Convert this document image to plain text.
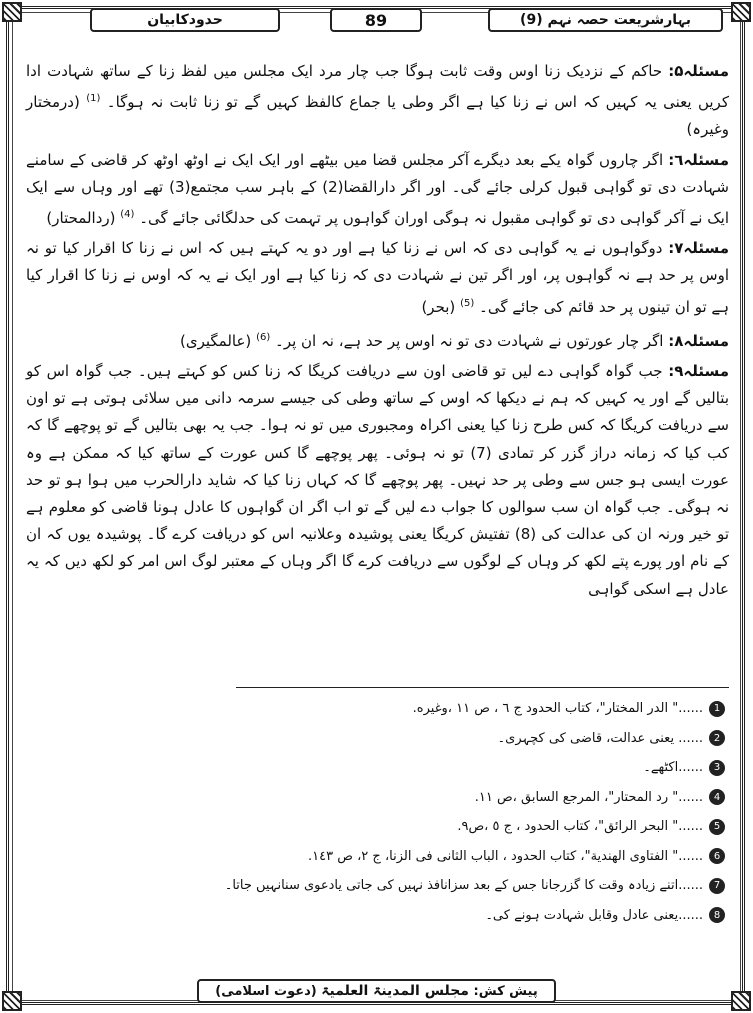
بہارشریعت حصہ نہم (9)
89
حدودکابیان

مسئلہ۵: حاکم کے نزدیک زنا اوس وقت ثابت ہوگا جب چار مرد ایک مجلس میں لفظ زنا کے ساتھ شہادت ادا کریں یعنی یہ کہیں کہ اس نے زنا کیا ہے اگر وطی یا جماع کالفظ کہیں گے تو زنا ثابت نہ ہوگا۔ $^{(1)}$ (درمختار وغیرہ)

مسئلہ٦: اگر چاروں گواہ یکے بعد دیگرے آکر مجلس قضا میں بیٹھے اور ایک ایک نے اوٹھ اوٹھ کر قاضی کے سامنے شہادت دی تو گواہی قبول کرلی جائے گی۔ اور اگر دارالقضا(2) کے باہر سب مجتمع(3) تھے اور وہاں سے ایک ایک نے آکر گواہی دی تو گواہی مقبول نہ ہوگی اوران گواہوں پر تہمت کی حدلگائی جائے گی۔ $^{(4)}$ (ردالمحتار)

مسئلہ٧: دوگواہوں نے یہ گواہی دی کہ اس نے زنا کیا ہے اور دو یہ کہتے ہیں کہ اس نے زنا کا اقرار کیا تو نہ اوس پر حد ہے نہ گواہوں پر، اور اگر تین نے شہادت دی کہ زنا کیا ہے اور ایک نے یہ کہ اوس نے زنا کا اقرار کیا ہے تو ان تینوں پر حد قائم کی جائے گی۔ $^{(5)}$ (بحر)

مسئلہ٨: اگر چار عورتوں نے شہادت دی تو نہ اوس پر حد ہے، نہ ان پر۔ $^{(6)}$ (عالمگیری)

مسئلہ٩: جب گواہ گواہی دے لیں تو قاضی اون سے دریافت کریگا کہ زنا کس کو کہتے ہیں۔ جب گواہ اس کو بتالیں گے اور یہ کہیں کہ ہم نے دیکھا کہ اوس کے ساتھ وطی کی جیسے سرمہ دانی میں سلائی ہوتی ہے تو اون سے دریافت کریگا کہ کس طرح زنا کیا یعنی اکراہ ومجبوری میں تو نہ ہوا۔ جب یہ بھی بتالیں گے تو پوچھے گا کہ کب کیا کہ زمانہ دراز گزر کر تمادی (7) تو نہ ہوئی۔ پھر پوچھے گا کس عورت کے ساتھ کیا کہ ممکن ہے وہ عورت ایسی ہو جس سے وطی پر حد نہیں۔ پھر پوچھے گا کہ کہاں زنا کیا کہ شاید دارالحرب میں ہوا ہو تو حد نہ ہوگی۔ جب گواہ ان سب سوالوں کا جواب دے لیں گے تو اب اگر ان گواہوں کا عادل ہونا قاضی کو معلوم ہے تو خیر ورنہ ان کی عدالت کی (8) تفتیش کریگا یعنی پوشیدہ وعلانیہ اس کو دریافت کرے گا۔ پوشیدہ یوں کہ ان کے نام اور پورے پتے لکھ کر وہاں کے لوگوں سے دریافت کرے گا اگر وہاں کے معتبر لوگ اس امر کو لکھ دیں کہ یہ عادل ہے اسکی گواہی

1
......" الدر المختار"، کتاب الحدود ج ٦ ، ص ١١ ،وغيره.
2
...... یعنی عدالت، قاضی کی کچہری۔
3
......اکٹھے۔
4
......" رد المحتار"، المرجع السابق ،ص ١١.
5
......" البحر الرائق"، کتاب الحدود ، ج ٥ ،ص٩.
6
......" الفتاوى الهندية"، کتاب الحدود ، الباب الثانى فى الزنا، ج ٢، ص ١٤٣.
7
......اتنے زیادہ وقت کا گزرجانا جس کے بعد سزانافذ نہیں کی جاتی یادعوی سنانہیں جاتا۔
8
......یعنی عادل وقابل شہادت ہونے کی۔
پیش کش: مجلس المدینۃ العلمیۃ (دعوت اسلامی)
